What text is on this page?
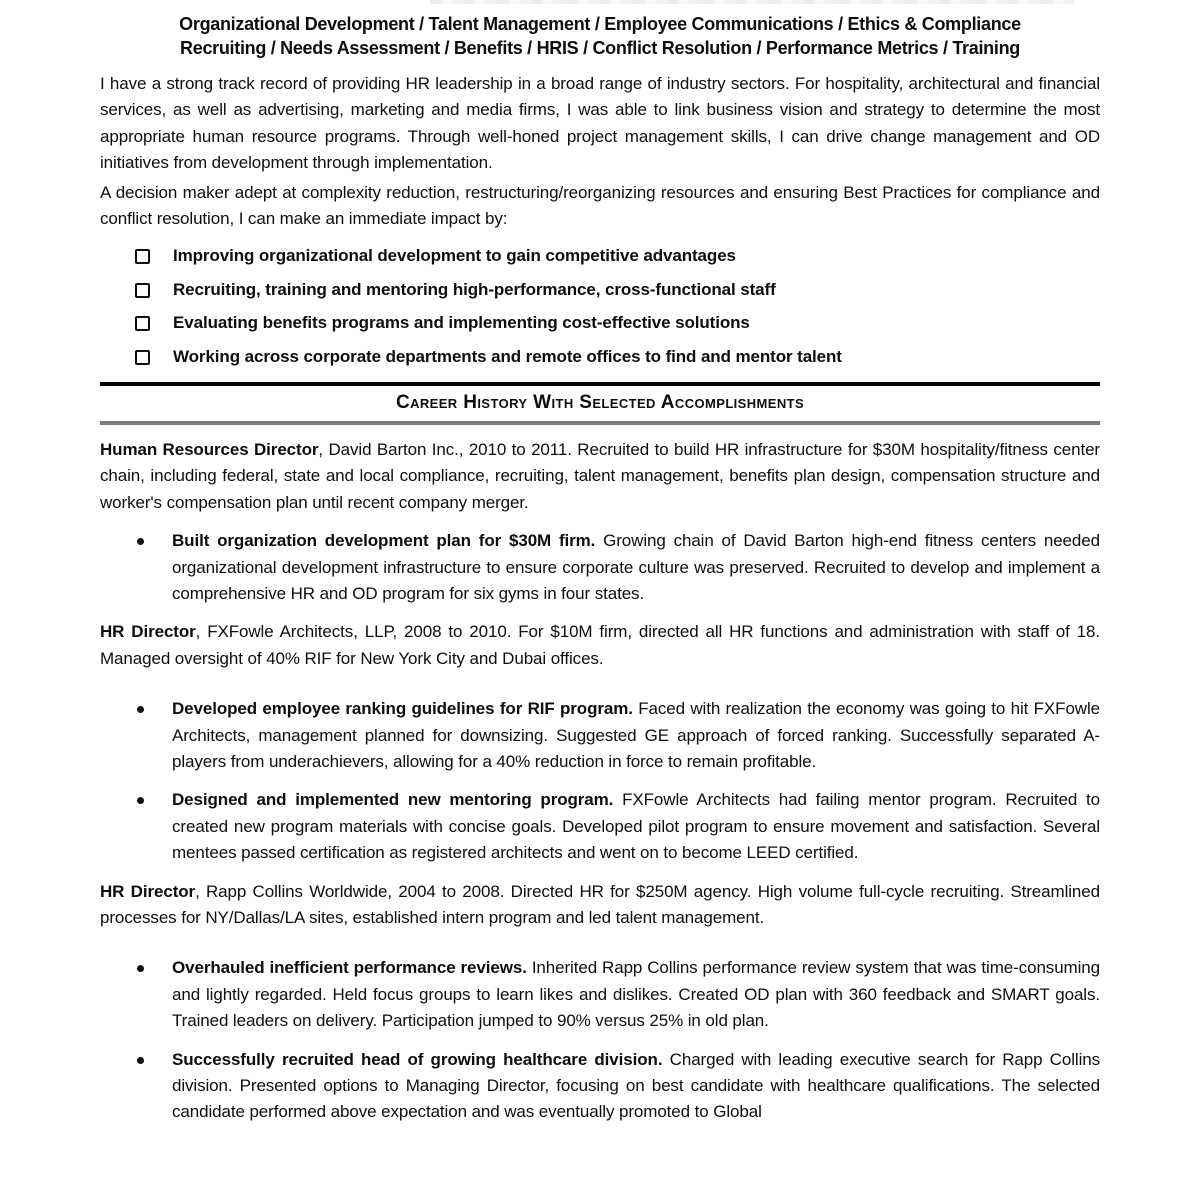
Organizational Development / Talent Management / Employee Communications / Ethics & Compliance
Recruiting / Needs Assessment / Benefits / HRIS / Conflict Resolution / Performance Metrics / Training

I have a strong track record of providing HR leadership in a broad range of industry sectors. For hospitality, architectural and financial services, as well as advertising, marketing and media firms, I was able to link business vision and strategy to determine the most appropriate human resource programs. Through well-honed project management skills, I can drive change management and OD initiatives from development through implementation.

A decision maker adept at complexity reduction, restructuring/reorganizing resources and ensuring Best Practices for compliance and conflict resolution, I can make an immediate impact by:

Improving organizational development to gain competitive advantages
Recruiting, training and mentoring high-performance, cross-functional staff
Evaluating benefits programs and implementing cost-effective solutions
Working across corporate departments and remote offices to find and mentor talent
Career History With Selected Accomplishments

Human Resources Director, David Barton Inc., 2010 to 2011. Recruited to build HR infrastructure for $30M hospitality/fitness center chain, including federal, state and local compliance, recruiting, talent management, benefits plan design, compensation structure and worker's compensation plan until recent company merger.

Built organization development plan for $30M firm. Growing chain of David Barton high-end fitness centers needed organizational development infrastructure to ensure corporate culture was preserved. Recruited to develop and implement a comprehensive HR and OD program for six gyms in four states.

HR Director, FXFowle Architects, LLP, 2008 to 2010. For $10M firm, directed all HR functions and administration with staff of 18. Managed oversight of 40% RIF for New York City and Dubai offices.

Developed employee ranking guidelines for RIF program. Faced with realization the economy was going to hit FXFowle Architects, management planned for downsizing. Suggested GE approach of forced ranking. Successfully separated A-players from underachievers, allowing for a 40% reduction in force to remain profitable.
Designed and implemented new mentoring program. FXFowle Architects had failing mentor program. Recruited to created new program materials with concise goals. Developed pilot program to ensure movement and satisfaction. Several mentees passed certification as registered architects and went on to become LEED certified.

HR Director, Rapp Collins Worldwide, 2004 to 2008. Directed HR for $250M agency. High volume full-cycle recruiting. Streamlined processes for NY/Dallas/LA sites, established intern program and led talent management.

Overhauled inefficient performance reviews. Inherited Rapp Collins performance review system that was time-consuming and lightly regarded. Held focus groups to learn likes and dislikes. Created OD plan with 360 feedback and SMART goals. Trained leaders on delivery. Participation jumped to 90% versus 25% in old plan.
Successfully recruited head of growing healthcare division. Charged with leading executive search for Rapp Collins division. Presented options to Managing Director, focusing on best candidate with healthcare qualifications. The selected candidate performed above expectation and was eventually promoted to Global
